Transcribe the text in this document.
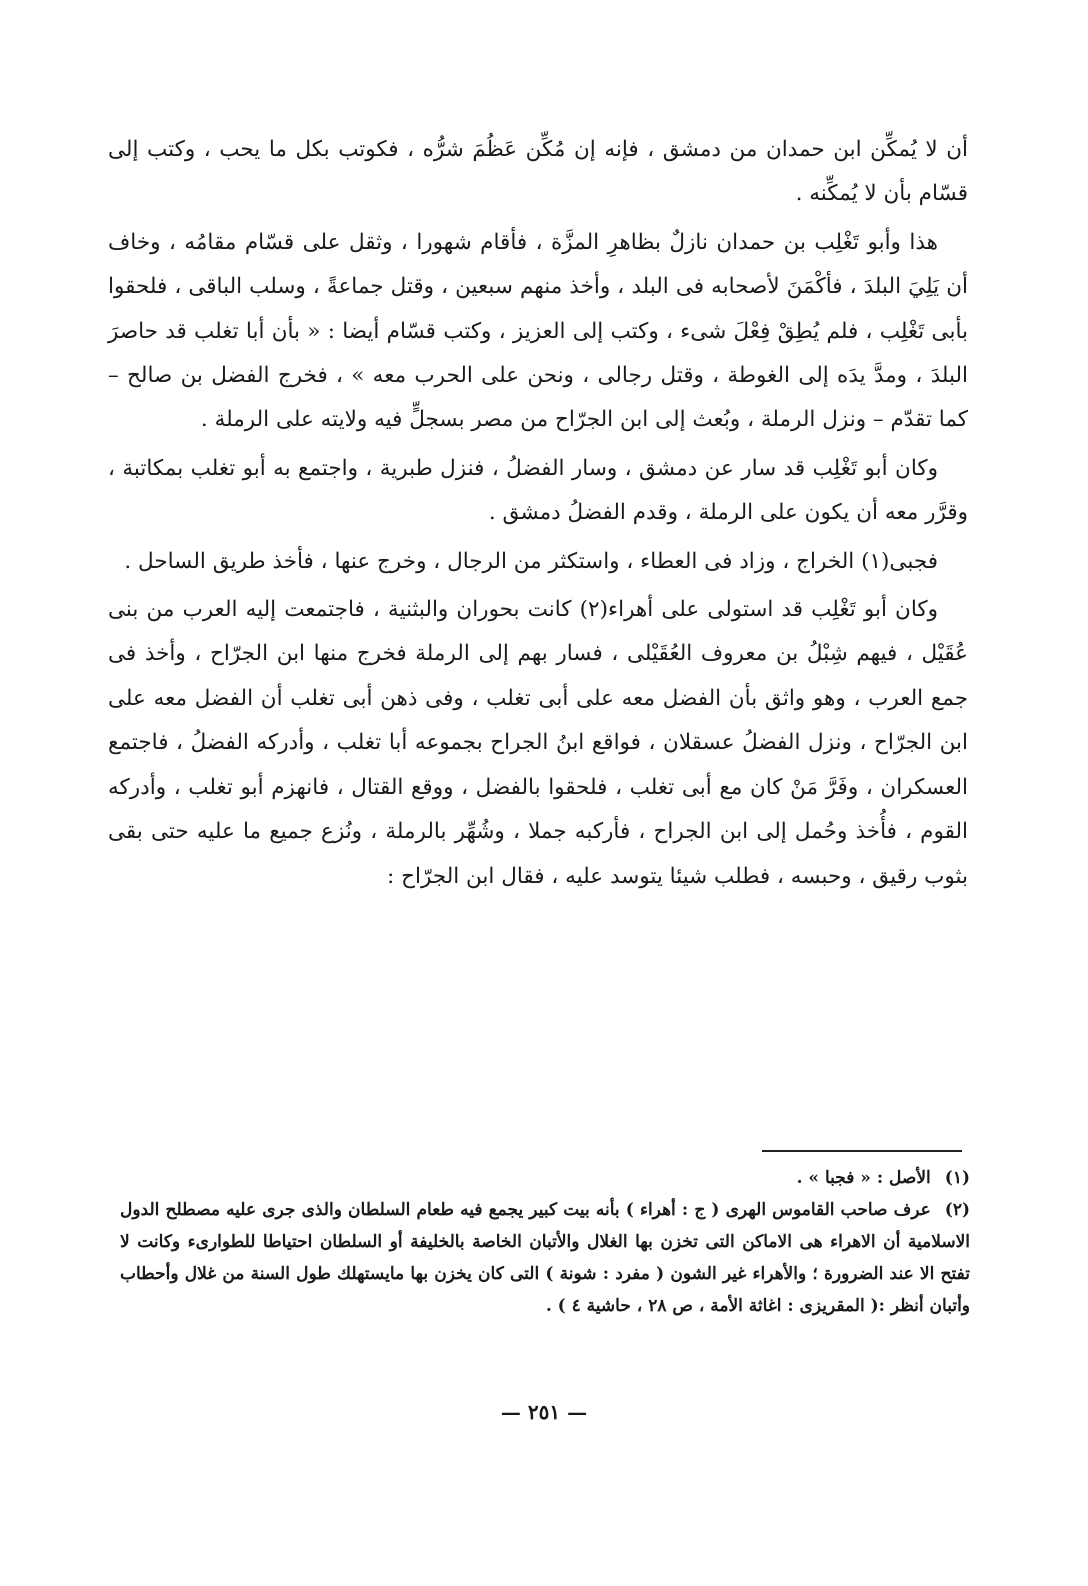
أن لا يُمكِّن ابن حمدان من دمشق ، فإنه إن مُكِّن عَظُمَ شرُّه ، فكوتب بكل ما يحب ، وكتب إلى قسّام بأن لا يُمكِّنه .

هذا وأبو تَغْلِب بن حمدان نازلٌ بظاهرِ المزَّة ، فأقام شهورا ، وثقل على قسّام مقامُه ، وخاف أن يَلِيَ البلدَ ، فأكْمَنَ لأصحابه فى البلد ، وأخذ منهم سبعين ، وقتل جماعةً ، وسلب الباقى ، فلحقوا بأبى تَغْلِب ، فلم يُطِقْ فِعْلَ شىء ، وكتب إلى العزيز ، وكتب قسّام أيضا : « بأن أبا تغلب قد حاصرَ البلدَ ، ومدَّ يدَه إلى الغوطة ، وقتل رجالى ، ونحن على الحرب معه » ، فخرج الفضل بن صالح – كما تقدّم – ونزل الرملة ، وبُعث إلى ابن الجرّاح من مصر بسجلٍّ فيه ولايته على الرملة .

وكان أبو تَغْلِب قد سار عن دمشق ، وسار الفضلُ ، فنزل طبرية ، واجتمع به أبو تغلب بمكاتبة ، وقرَّر معه أن يكون على الرملة ، وقدم الفضلُ دمشق .

فجبى(١) الخراج ، وزاد فى العطاء ، واستكثر من الرجال ، وخرج عنها ، فأخذ طريق الساحل .

وكان أبو تَغْلِب قد استولى على أهراء(٢) كانت بحوران والبثنية ، فاجتمعت إليه العرب من بنى عُقَيْل ، فيهم شِبْلُ بن معروف العُقَيْلى ، فسار بهم إلى الرملة فخرج منها ابن الجرّاح ، وأخذ فى جمع العرب ، وهو واثق بأن الفضل معه على أبى تغلب ، وفى ذهن أبى تغلب أن الفضل معه على ابن الجرّاح ، ونزل الفضلُ عسقلان ، فواقع ابنُ الجراح بجموعه أبا تغلب ، وأدركه الفضلُ ، فاجتمع العسكران ، وفَرَّ مَنْ كان مع أبى تغلب ، فلحقوا بالفضل ، ووقع القتال ، فانهزم أبو تغلب ، وأدركه القوم ، فأُخذ وحُمل إلى ابن الجراح ، فأركبه جملا ، وشُهِّر بالرملة ، ونُزع جميع ما عليه حتى بقى بثوب رقيق ، وحبسه ، فطلب شيئا يتوسد عليه ، فقال ابن الجرّاح :

(١)الأصل : « فجبا » .

(٢)عرف صاحب القاموس الهرى ( ج : أهراء ) بأنه بيت كبير يجمع فيه طعام السلطان والذى جرى عليه مصطلح الدول الاسلامية أن الاهراء هى الاماكن التى تخزن بها الغلال والأتبان الخاصة بالخليفة أو السلطان احتياطا للطوارىء وكانت لا تفتح الا عند الضرورة ؛ والأهراء غير الشون ( مفرد : شونة ) التى كان يخزن بها مايستهلك طول السنة من غلال وأحطاب وأتبان أنظر :( المقريزى : اغاثة الأمة ، ص ٢٨ ، حاشية ٤ ) .

— ٢٥١ —
